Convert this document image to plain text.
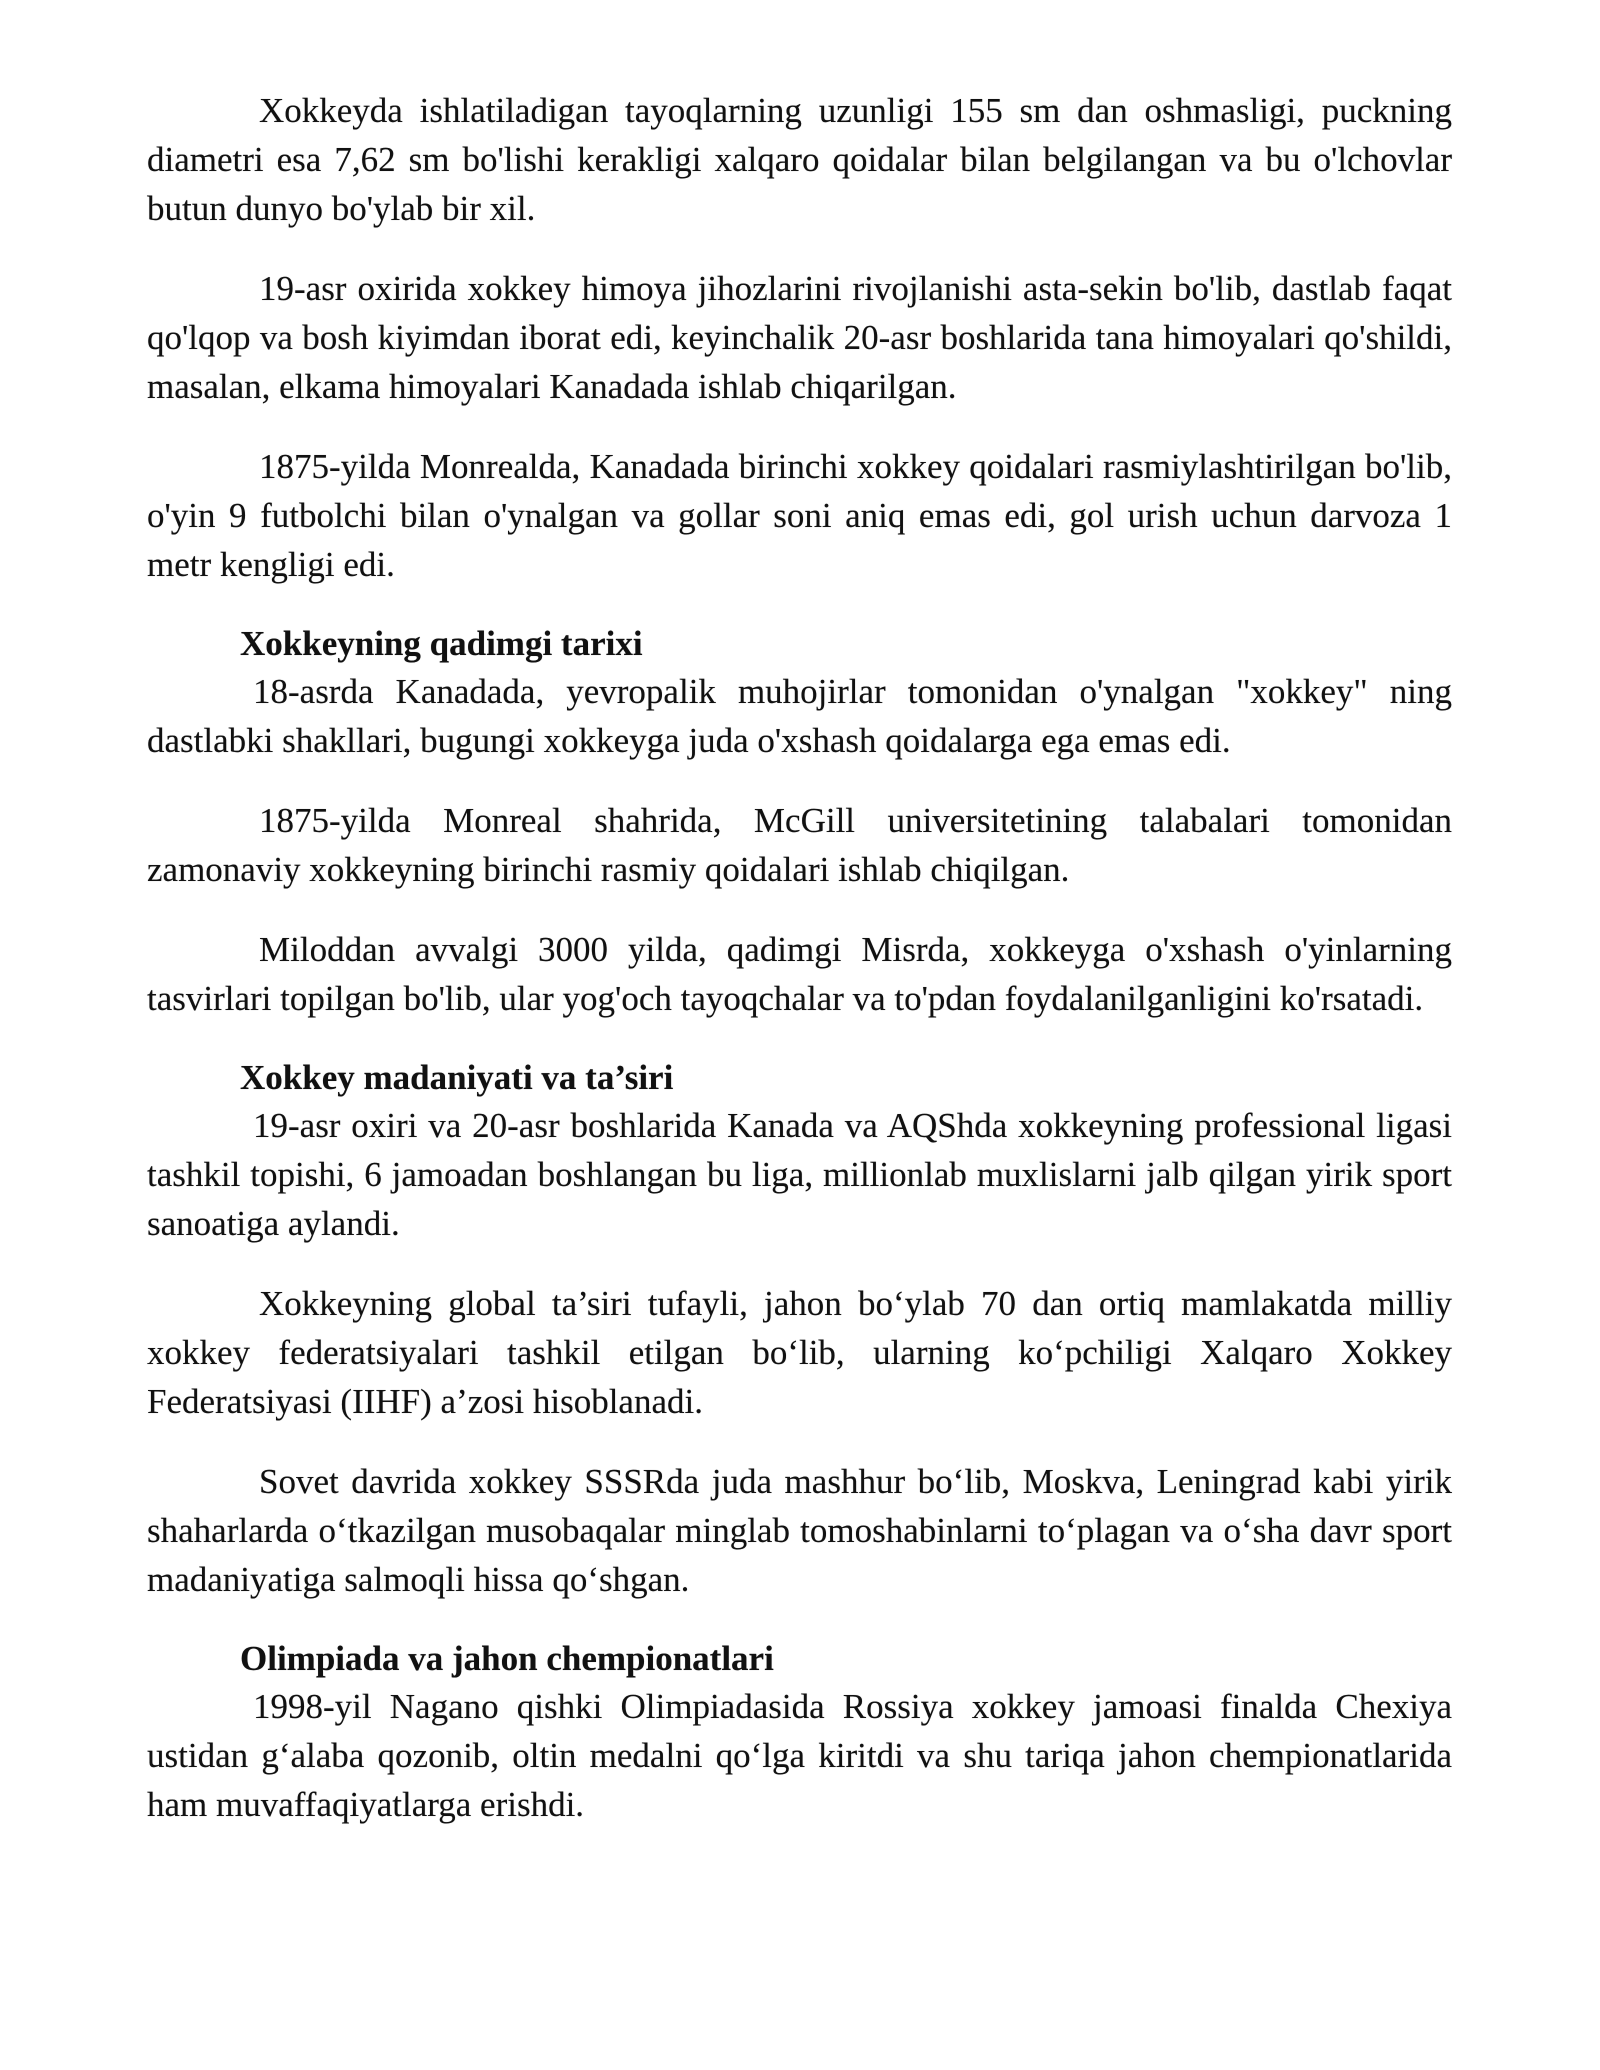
Xokkeyda ishlatiladigan tayoqlarning uzunligi 155 sm dan oshmasligi, puckning diametri esa 7,62 sm bo'lishi kerakligi xalqaro qoidalar bilan belgilangan va bu o'lchovlar butun dunyo bo'ylab bir xil.

19-asr oxirida xokkey himoya jihozlarini rivojlanishi asta-sekin bo'lib, dastlab faqat qo'lqop va bosh kiyimdan iborat edi, keyinchalik 20-asr boshlarida tana himoyalari qo'shildi, masalan, elkama himoyalari Kanadada ishlab chiqarilgan.

1875-yilda Monrealda, Kanadada birinchi xokkey qoidalari rasmiylashtirilgan bo'lib, o'yin 9 futbolchi bilan o'ynalgan va gollar soni aniq emas edi, gol urish uchun darvoza 1 metr kengligi edi.

Xokkeyning qadimgi tarixi

18-asrda Kanadada, yevropalik muhojirlar tomonidan o'ynalgan "xokkey" ning dastlabki shakllari, bugungi xokkeyga juda o'xshash qoidalarga ega emas edi.

1875-yilda Monreal shahrida, McGill universitetining talabalari tomonidan zamonaviy xokkeyning birinchi rasmiy qoidalari ishlab chiqilgan.

Miloddan avvalgi 3000 yilda, qadimgi Misrda, xokkeyga o'xshash o'yinlarning tasvirlari topilgan bo'lib, ular yog'och tayoqchalar va to'pdan foydalanilganligini ko'rsatadi.

Xokkey madaniyati va ta’siri

19-asr oxiri va 20-asr boshlarida Kanada va AQShda xokkeyning professional ligasi tashkil topishi, 6 jamoadan boshlangan bu liga, millionlab muxlislarni jalb qilgan yirik sport sanoatiga aylandi.

Xokkeyning global ta’siri tufayli, jahon bo‘ylab 70 dan ortiq mamlakatda milliy xokkey federatsiyalari tashkil etilgan bo‘lib, ularning ko‘pchiligi Xalqaro Xokkey Federatsiyasi (IIHF) a’zosi hisoblanadi.

Sovet davrida xokkey SSSRda juda mashhur bo‘lib, Moskva, Leningrad kabi yirik shaharlarda o‘tkazilgan musobaqalar minglab tomoshabinlarni to‘plagan va o‘sha davr sport madaniyatiga salmoqli hissa qo‘shgan.

Olimpiada va jahon chempionatlari

1998-yil Nagano qishki Olimpiadasida Rossiya xokkey jamoasi finalda Chexiya ustidan g‘alaba qozonib, oltin medalni qo‘lga kiritdi va shu tariqa jahon chempionatlarida ham muvaffaqiyatlarga erishdi.
